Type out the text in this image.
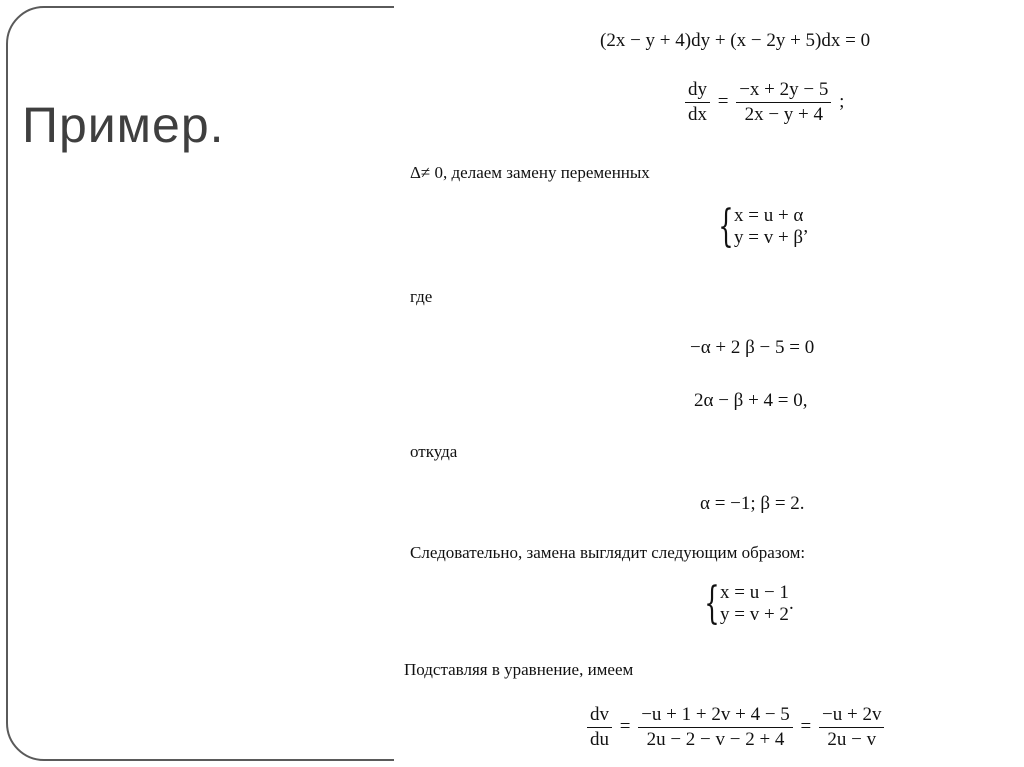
Пример.
(2x − y + 4)dy + (x − 2y + 5)dx = 0
$\frac{dy}{dx} = \frac{-x + 2y - 5}{2x - y + 4}$ ;
Δ≠ 0, делаем замену переменных
{ x = u + α
y = v + β
,
где
−α + 2 β − 5 = 0
2α − β + 4 = 0,
откуда
α = −1; β = 2.
Следовательно, замена выглядит следующим образом:
{ x = u − 1
y = v + 2
.
Подставляя в уравнение, имеем
$\frac{dv}{du} = \frac{-u + 1 + 2v + 4 - 5}{2u - 2 - v - 2 + 4} = \frac{-u + 2v}{2u - v}$
